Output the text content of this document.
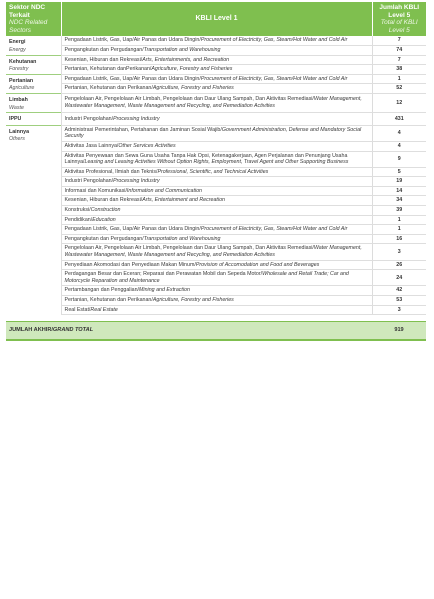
Sektor NDC Terkait
NDC Related Sectors	KBLI Level 1	Jumlah KBLI Level 5
Total of KBLI Level 5

Energi
Energy	Pengadaan Listrik, Gas, Uap/Air Panas dan Udara Dingin/Procurement of Electricity, Gas, Steam/Hot Water and Cold Air	7
	Pengangkutan dan Pergudangan/Transportation and Warehousing	74
Kehutanan
Forestry	Kesenian, Hiburan dan Rekreasi/Arts, Entertainments, and Recreation	7
	Pertanian, Kehutanan danPerikanan/Agriculture, Forestry and Fisheries	38
Pertanian
Agriculture	Pengadaan Listrik, Gas, Uap/Air Panas dan Udara Dingin/Procurement of Electricity, Gas, Steam/Hot Water and Cold Air	1
	Pertanian, Kehutanan dan Perikanan/Agriculture, Forestry and Fisheries	52
Limbah
Waste	Pengelolaan Air, Pengelolaan Air Limbah, Pengelolaan dan Daur Ulang Sampah, Dan Aktivitas Remediasi/Water Management, Wastewater Management, Waste Management and Recycling, and Remediation Activities	12
IPPU	Industri Pengolahan/Processing Industry	431
Lainnya
Others	Administrasi Pemerintahan, Pertahanan dan Jaminan Sosial Wajib/Government Administration, Defense and Mandatory Social Security	4
	Aktivitas Jasa Lainnya/Other Services Activities	4
	Aktivitas Penyewaan dan Sewa Guna Usaha Tanpa Hak Opsi, Ketenagakerjaan, Agen Perjalanan dan Penunjang Usaha Lainnya/Leasing and Leasing Activities Without Option Rights, Employment, Travel Agent and Other Supporting Business	9
	Aktivitas Profesional, Ilmiah dan Teknis/Professional, Scientific, and Technical Activities	5
	Industri Pengolahan/Processing Industry	19
	Informasi dan Komunikasi/Information and Communication	14
	Kesenian, Hiburan dan Rekreasi/Arts, Entertainment and Recreation	34
	Konstruksi/Construction	39
	Pendidikan/Education	1
	Pengadaan Listrik, Gas, Uap/Air Panas dan Udara Dingin/Procurement of Electricity, Gas, Steam/Hot Water and Cold Air	1
	Pengangkutan dan Pergudangan/Transportation and Warehousing	16
	Pengelolaan Air, Pengelolaan Air Limbah, Pengelolaan dan Daur Ulang Sampah, Dan Aktivitas Remediasi/Water Management, Wastewater Management, Waste Management and Recycling, and Remediation Activities	3
	Penyediaan Akomodasi dan Penyediaan Makan Minum/Provision of Accomodation and Food and Beverages	26
	Perdagangan Besar dan Eceran; Reparasi dan Perawatan Mobil dan Sepeda Motor/Wholesale and Retail Trade; Car and Motorcycle Reparation and Maintenance	24
	Pertambangan dan Penggalian/Mining and Extraction	42
	Pertanian, Kehutanan dan Perikanan/Agriculture, Forestry and Fisheries	53
	Real Estat/Real Estate	3

JUMLAH AKHIR/GRAND TOTAL		919
